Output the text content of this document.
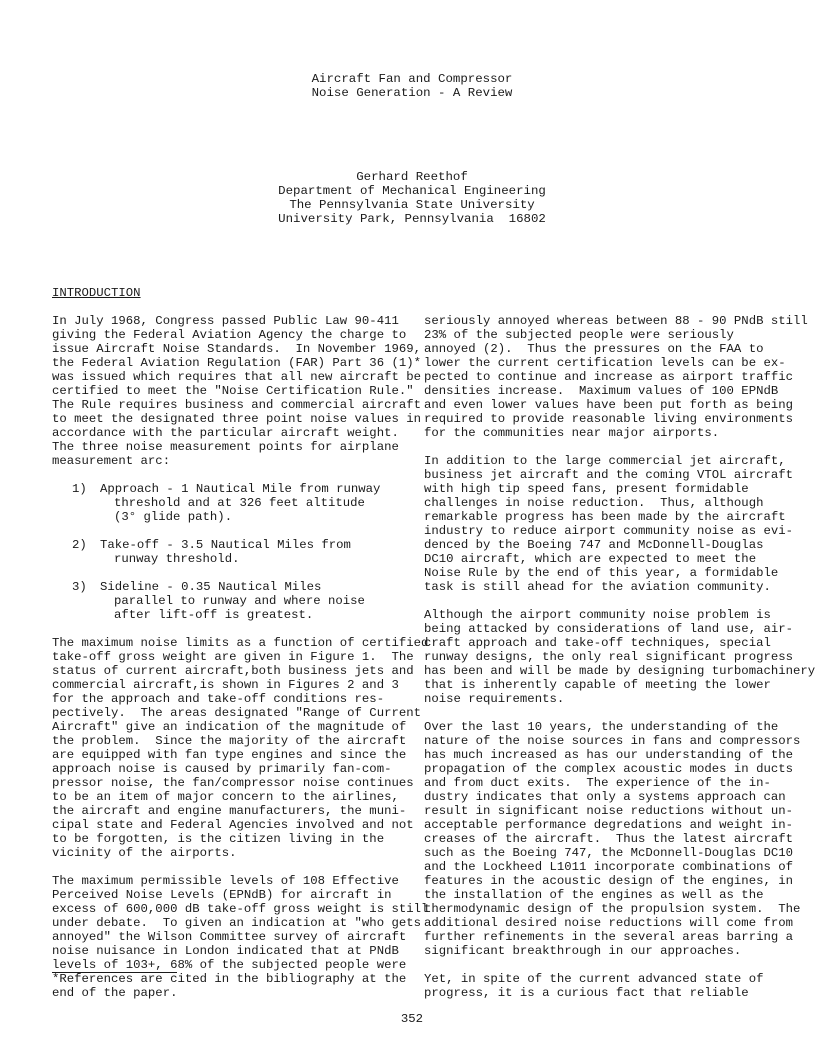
Aircraft Fan and Compressor
Noise Generation - A Review
Gerhard Reethof
Department of Mechanical Engineering
The Pennsylvania State University
University Park, Pennsylvania  16802
INTRODUCTION

In July 1968, Congress passed Public Law 90-411

giving the Federal Aviation Agency the charge to

issue Aircraft Noise Standards.  In November 1969,

the Federal Aviation Regulation (FAR) Part 36 (1)*

was issued which requires that all new aircraft be

certified to meet the "Noise Certification Rule."

The Rule requires business and commercial aircraft

to meet the designated three point noise values in

accordance with the particular aircraft weight.

The three noise measurement points for airplane

measurement arc:

1) Approach - 1 Nautical Mile from runway

threshold and at 326 feet altitude

(3° glide path).

2) Take-off - 3.5 Nautical Miles from

runway threshold.

3) Sideline - 0.35 Nautical Miles

parallel to runway and where noise

after lift-off is greatest.

The maximum noise limits as a function of certified

take-off gross weight are given in Figure 1.  The

status of current aircraft,both business jets and

commercial aircraft,is shown in Figures 2 and 3

for the approach and take-off conditions res-

pectively.  The areas designated "Range of Current

Aircraft" give an indication of the magnitude of

the problem.  Since the majority of the aircraft

are equipped with fan type engines and since the

approach noise is caused by primarily fan-com-

pressor noise, the fan/compressor noise continues

to be an item of major concern to the airlines,

the aircraft and engine manufacturers, the muni-

cipal state and Federal Agencies involved and not

to be forgotten, is the citizen living in the

vicinity of the airports.

The maximum permissible levels of 108 Effective

Perceived Noise Levels (EPNdB) for aircraft in

excess of 600,000 dB take-off gross weight is still

under debate.  To given an indication at "who gets

annoyed" the Wilson Committee survey of aircraft

noise nuisance in London indicated that at PNdB

levels of 103+, 68% of the subjected people were

*References are cited in the bibliography at the

end of the paper.

seriously annoyed whereas between 88 - 90 PNdB still

23% of the subjected people were seriously

annoyed (2).  Thus the pressures on the FAA to

lower the current certification levels can be ex-

pected to continue and increase as airport traffic

densities increase.  Maximum values of 100 EPNdB

and even lower values have been put forth as being

required to provide reasonable living environments

for the communities near major airports.

In addition to the large commercial jet aircraft,

business jet aircraft and the coming VTOL aircraft

with high tip speed fans, present formidable

challenges in noise reduction.  Thus, although

remarkable progress has been made by the aircraft

industry to reduce airport community noise as evi-

denced by the Boeing 747 and McDonnell-Douglas

DC10 aircraft, which are expected to meet the

Noise Rule by the end of this year, a formidable

task is still ahead for the aviation community.

Although the airport community noise problem is

being attacked by considerations of land use, air-

craft approach and take-off techniques, special

runway designs, the only real significant progress

has been and will be made by designing turbomachinery

that is inherently capable of meeting the lower

noise requirements.

Over the last 10 years, the understanding of the

nature of the noise sources in fans and compressors

has much increased as has our understanding of the

propagation of the complex acoustic modes in ducts

and from duct exits.  The experience of the in-

dustry indicates that only a systems approach can

result in significant noise reductions without un-

acceptable performance degredations and weight in-

creases of the aircraft.  Thus the latest aircraft

such as the Boeing 747, the McDonnell-Douglas DC10

and the Lockheed L1011 incorporate combinations of

features in the acoustic design of the engines, in

the installation of the engines as well as the

thermodynamic design of the propulsion system.  The

additional desired noise reductions will come from

further refinements in the several areas barring a

significant breakthrough in our approaches.

Yet, in spite of the current advanced state of

progress, it is a curious fact that reliable

352
